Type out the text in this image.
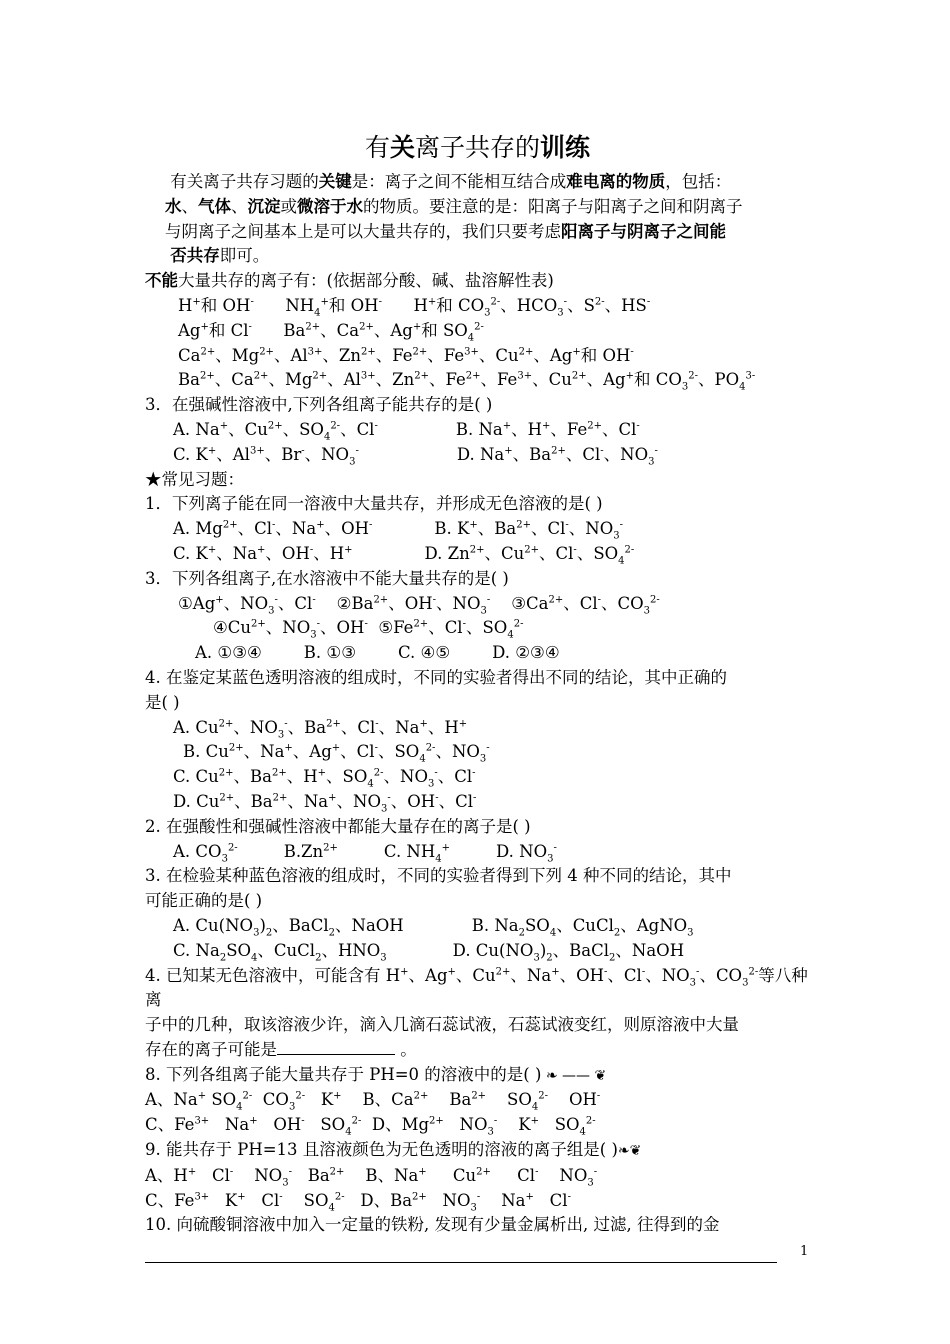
有关离子共存的训练

有关离子共存习题的关键是：离子之间不能相互结合成难电离的物质，包括：
水、气体、沉淀或微溶于水的物质。要注意的是：阳离子与阳离子之间和阴离子
与阴离子之间基本上是可以大量共存的，我们只要考虑阳离子与阴离子之间能
否共存即可。

不能大量共存的离子有：(依据部分酸、碱、盐溶解性表)

H+和 OH-      $NH_4^+$和 OH-      H+和 $CO_3^{2-}$、$HCO_3^-$、$S^{2-}$、HS-

Ag+和 Cl-      $Ba^{2+}$、$Ca^{2+}$、Ag+和 $SO_4^{2-}$

$Ca^{2+}$、$Mg^{2+}$、$Al^{3+}$、$Zn^{2+}$、$Fe^{2+}$、$Fe^{3+}$、$Cu^{2+}$、Ag+和 OH-

$Ba^{2+}$、$Ca^{2+}$、$Mg^{2+}$、$Al^{3+}$、$Zn^{2+}$、$Fe^{2+}$、$Fe^{3+}$、$Cu^{2+}$、Ag+和 $CO_3^{2-}$、$PO_4^{3-}$

3．在强碱性溶液中,下列各组离子能共存的是( )

A. Na+、$Cu^{2+}$、$SO_4^{2-}$、Cl-	B. Na+、H+、$Fe^{2+}$、Cl-

C. K+、$Al^{3+}$、Br-、$NO_3^-$	D. Na+、$Ba^{2+}$、Cl-、$NO_3^-$

★常见习题：

1．下列离子能在同一溶液中大量共存，并形成无色溶液的是( )

A. $Mg^{2+}$、Cl-、Na+、OH-	B. K+、$Ba^{2+}$、Cl-、$NO_3^-$

C. K+、Na+、OH-、H+	D. $Zn^{2+}$、$Cu^{2+}$、Cl-、$SO_4^{2-}$

3．下列各组离子,在水溶液中不能大量共存的是( )

①Ag+、$NO_3^-$、Cl-    $②Ba^{2+}$、OH-、$NO_3^-$    $③Ca^{2+}$、Cl-、$CO_3^{2-}$

$④Cu^{2+}$、$NO_3^-$、OH-  $⑤Fe^{2+}$、Cl-、$SO_4^{2-}$

A. ①③④	B. ①③	C. ④⑤	D. ②③④

4. 在鉴定某蓝色透明溶液的组成时，不同的实验者得出不同的结论，其中正确的
是( )

A. $Cu^{2+}$、$NO_3^-$、$Ba^{2+}$、Cl-、Na+、H+

B. $Cu^{2+}$、Na+、Ag+、Cl-、$SO_4^{2-}$、$NO_3^-$

C. $Cu^{2+}$、$Ba^{2+}$、H+、$SO_4^{2-}$、$NO_3^-$、Cl-

D. $Cu^{2+}$、$Ba^{2+}$、Na+、$NO_3^-$、OH-、Cl-

2. 在强酸性和强碱性溶液中都能大量存在的离子是( )

A. $CO_3^{2-}$	$B.Zn^{2+}$	C. $NH_4^+$	D. $NO_3^-$

3. 在检验某种蓝色溶液的组成时，不同的实验者得到下列 4 种不同的结论，其中
可能正确的是( )

A. $Cu(NO_3)_2$、BaCl$_2$、NaOH	B. $Na_2SO_4$、CuCl$_2$、AgNO$_3$

C. $Na_2SO_4$、CuCl$_2$、$HNO_3$	D. $Cu(NO_3)_2$、BaCl$_2$、NaOH

4. 已知某无色溶液中，可能含有 H+、Ag+、$Cu^{2+}$、Na+、OH-、Cl-、$NO_3^-$、$CO_3^{2-}$等八种离
子中的几种，取该溶液少许，滴入几滴石蕊试液，石蕊试液变红，则原溶液中大量
存在的离子可能是	。

8. 下列各组离子能大量共存于 PH=0 的溶液中的是( ) ❧ —— ❦

A、Na+ $SO_4^{2-}$  $CO_3^{2-}$   K+    B、$Ca^{2+}$    $Ba^{2+}$    $SO_4^{2-}$    OH-

C、$Fe^{3+}$   Na+   OH-   $SO_4^{2-}$  D、$Mg^{2+}$   $NO_3^-$    K+   $SO_4^{2-}$

9. 能共存于 PH=13 且溶液颜色为无色透明的溶液的离子组是( )❧❦

A、H+   Cl-    $NO_3^-$   $Ba^{2+}$    B、Na+     $Cu^{2+}$     Cl-    $NO_3^-$

C、$Fe^{3+}$   K+   Cl-    $SO_4^{2-}$   D、$Ba^{2+}$   $NO_3^-$    Na+   Cl-

10. 向硫酸铜溶液中加入一定量的铁粉, 发现有少量金属析出, 过滤, 往得到的金

1
